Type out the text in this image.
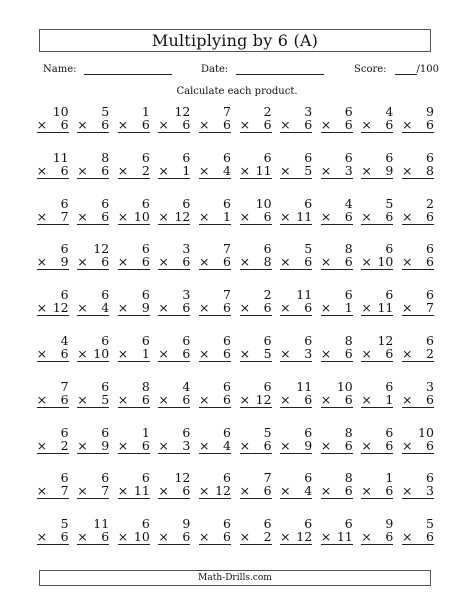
Multiplying by 6 (A)
Name:	Date:	Score:	/100
Calculate each product.
10
× 6
5
× 6
1
× 6
12
× 6
7
× 6
2
× 6
3
× 6
6
× 6
4
× 6
9
× 6
11
× 6
8
× 6
6
× 2
6
× 1
6
× 4
6
× 11
6
× 5
6
× 3
6
× 9
6
× 8
6
× 7
6
× 6
6
× 10
6
× 12
6
× 1
10
× 6
6
× 11
4
× 6
5
× 6
2
× 6
6
× 9
12
× 6
6
× 6
3
× 6
7
× 6
6
× 8
5
× 6
8
× 6
6
× 10
6
× 6
6
× 12
6
× 4
6
× 9
3
× 6
7
× 6
2
× 6
11
× 6
6
× 1
6
× 11
6
× 7
4
× 6
6
× 10
6
× 1
6
× 6
6
× 6
6
× 5
6
× 3
8
× 6
12
× 6
6
× 2
7
× 6
6
× 5
8
× 6
4
× 6
6
× 6
6
× 12
11
× 6
10
× 6
6
× 1
3
× 6
6
× 2
6
× 9
1
× 6
6
× 3
6
× 4
5
× 6
6
× 9
8
× 6
6
× 6
10
× 6
6
× 7
6
× 7
6
× 11
12
× 6
6
× 12
7
× 6
6
× 4
8
× 6
1
× 6
6
× 3
5
× 6
11
× 6
6
× 10
9
× 6
6
× 6
6
× 2
6
× 12
6
× 11
9
× 6
5
× 6
Math-Drills.com
